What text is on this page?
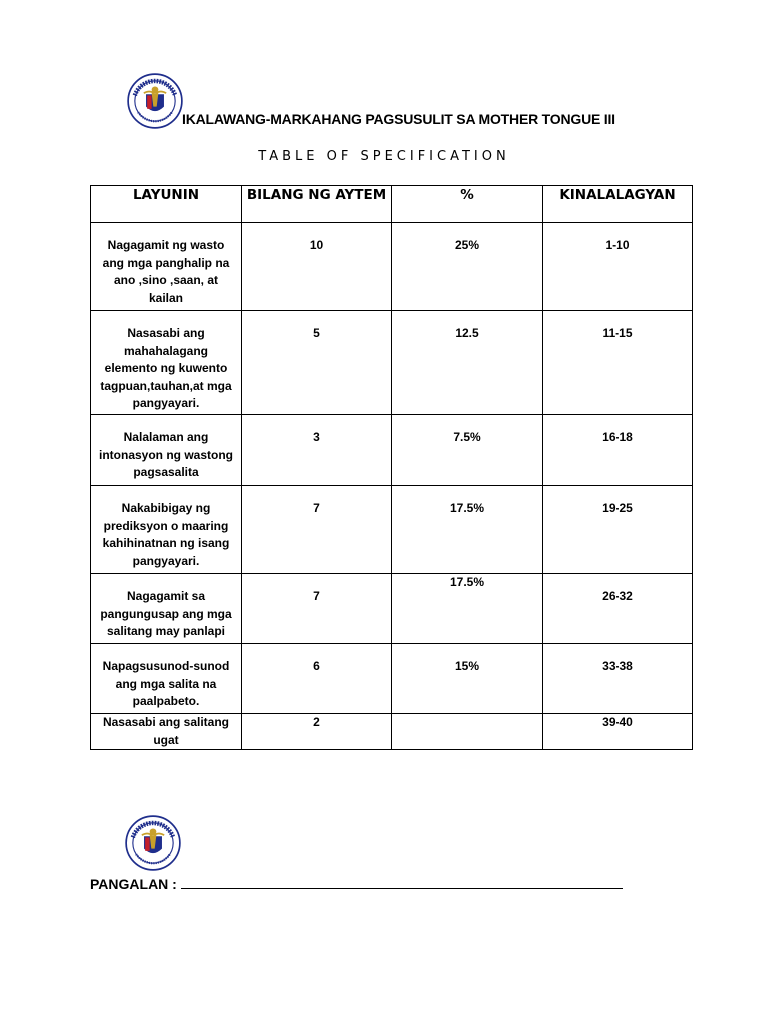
IKALAWANG-MARKAHANG PAGSUSULIT SA MOTHER TONGUE III
TABLE OF SPECIFICATION
LAYUNIN	BILANG NG AYTEM	%	KINALALAGYAN
Nagagamit ng wasto ang mga panghalip na ano ,sino ,saan, at kailan	10	25%	1-10
Nasasabi ang mahahalagang elemento ng kuwento tagpuan,tauhan,at mga pangyayari.	5	12.5	11-15
Nalalaman ang intonasyon ng wastong pagsasalita	3	7.5%	16-18
Nakabibigay ng prediksyon o maaring kahihinatnan ng isang pangyayari.	7	17.5%	19-25
Nagagamit sa pangungusap ang mga salitang may panlapi	7	17.5%	26-32
Napagsusunod-sunod ang mga salita na paalpabeto.	6	15%	33-38
Nasasabi ang salitang ugat	2		39-40
PANGALAN :
